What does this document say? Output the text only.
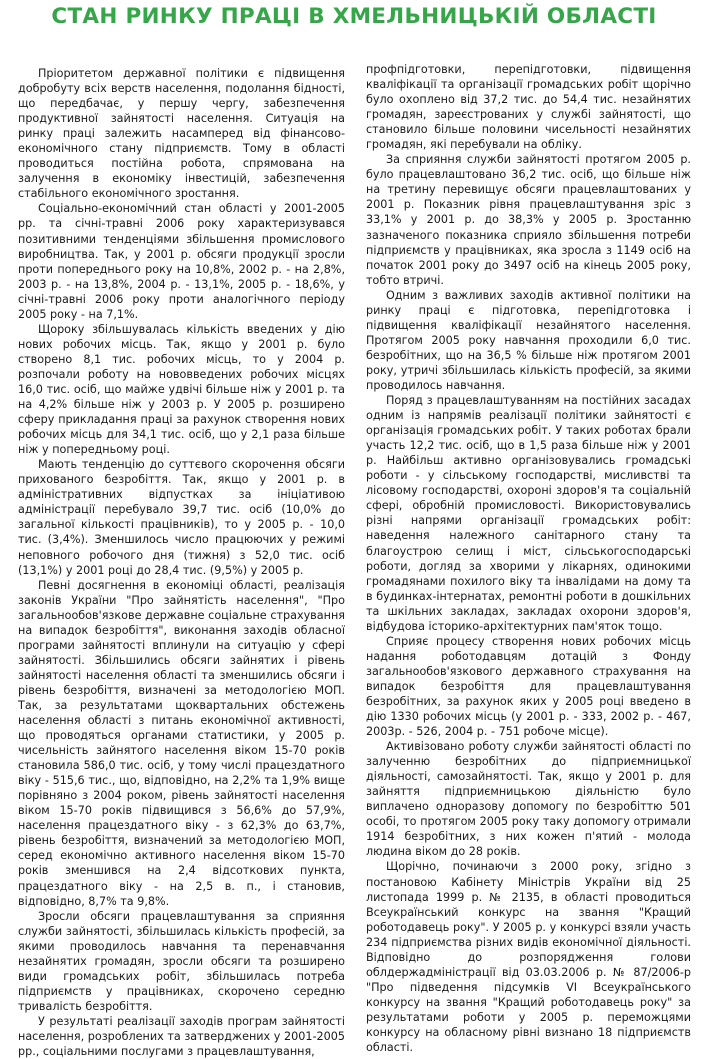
СТАН РИНКУ ПРАЦІ В ХМЕЛЬНИЦЬКІЙ ОБЛАСТІ

Пріоритетом державної політики є підвищення добробуту всіх верств населення, подолання бідності, що передбачає, у першу чергу, забезпечення продуктивної зайнятості населення. Ситуація на ринку праці залежить насамперед від фінансово-економічного стану підприємств. Тому в області проводиться постійна робота, спрямована на залучення в економіку інвестицій, забезпечення стабільного економічного зростання.

Соціально-економічний стан області у 2001-2005 рр. та січні-травні 2006 року характеризувався позитивними тенденціями збільшення промислового виробництва. Так, у 2001 р. обсяги продукції зросли проти попереднього року на 10,8%, 2002 р. - на 2,8%, 2003 р. - на 13,8%, 2004 р. - 13,1%, 2005 р. - 18,6%, у січні-травні 2006 року проти аналогічного періоду 2005 року - на 7,1%.

Щороку збільшувалась кількість введених у дію нових робочих місць. Так, якщо у 2001 р. було створено 8,1 тис. робочих місць, то у 2004 р. розпочали роботу на нововведених робочих місцях 16,0 тис. осіб, що майже удвічі більше ніж у 2001 р. та на 4,2% більше ніж у 2003 р. У 2005 р. розширено сферу прикладання праці за рахунок створення нових робочих місць для 34,1 тис. осіб, що у 2,1 раза більше ніж у попередньому році.

Мають тенденцію до суттєвого скорочення обсяги прихованого безробіття. Так, якщо у 2001 р. в адміністративних відпустках за ініціативою адміністрації перебувало 39,7 тис. осіб (10,0% до загальної кількості працівників), то у 2005 р. - 10,0 тис. (3,4%). Зменшилось число працюючих у режимі неповного робочого дня (тижня) з 52,0 тис. осіб (13,1%) у 2001 році до 28,4 тис. (9,5%) у 2005 р.

Певні досягнення в економіці області, реалізація законів України "Про зайнятість населення", "Про загальнообов'язкове державне соціальне страхування на випадок безробіття", виконання заходів обласної програми зайнятості вплинули на ситуацію у сфері зайнятості. Збільшились обсяги зайнятих і рівень зайнятості населення області та зменшились обсяги і рівень безробіття, визначені за методологією МОП. Так, за результатами щоквартальних обстежень населення області з питань економічної активності, що проводяться органами статистики, у 2005 р. чисельність зайнятого населення віком 15-70 років становила 586,0 тис. осіб, у тому числі працездатного віку - 515,6 тис., що, відповідно, на 2,2% та 1,9% вище порівняно з 2004 роком, рівень зайнятості населення віком 15-70 років підвищився з 56,6% до 57,9%, населення працездатного віку - з 62,3% до 63,7%, рівень безробіття, визначений за методологією МОП, серед економічно активного населення віком 15-70 років зменшився на 2,4 відсоткових пункта, працездатного віку - на 2,5 в. п., і становив, відповідно, 8,7% та 9,8%.

Зросли обсяги працевлаштування за сприяння служби зайнятості, збільшилась кількість професій, за якими проводилось навчання та перенавчання незайнятих громадян, зросли обсяги та розширено види громадських робіт, збільшилась потреба підприємств у працівниках, скорочено середню тривалість безробіття.

У результаті реалізації заходів програм зайнятості населення, розроблених та затверджених у 2001-2005 рр., соціальними послугами з працевлаштування,

профпідготовки, перепідготовки, підвищення кваліфікації та організації громадських робіт щорічно було охоплено від 37,2 тис. до 54,4 тис. незайнятих громадян, зареєстрованих у службі зайнятості, що становило більше половини чисельності незайнятих громадян, які перебували на обліку.

За сприяння служби зайнятості протягом 2005 р. було працевлаштовано 36,2 тис. осіб, що більше ніж на третину перевищує обсяги працевлаштованих у 2001 р. Показник рівня працевлаштування зріс з 33,1% у 2001 р. до 38,3% у 2005 р. Зростанню зазначеного показника сприяло збільшення потреби підприємств у працівниках, яка зросла з 1149 осіб на початок 2001 року до 3497 осіб на кінець 2005 року, тобто втричі.

Одним з важливих заходів активної політики на ринку праці є підготовка, перепідготовка і підвищення кваліфікації незайнятого населення. Протягом 2005 року навчання проходили 6,0 тис. безробітних, що на 36,5 % більше ніж протягом 2001 року, утричі збільшилась кількість професій, за якими проводилось навчання.

Поряд з працевлаштуванням на постійних засадах одним із напрямів реалізації політики зайнятості є організація громадських робіт. У таких роботах брали участь 12,2 тис. осіб, що в 1,5 раза більше ніж у 2001 р. Найбільш активно організовувались громадські роботи - у сільському господарстві, мисливстві та лісовому господарстві, охороні здоров'я та соціальній сфері, обробній промисловості. Використовувались різні напрями організації громадських робіт: наведення належного санітарного стану та благоустрою селищ і міст, сільськогосподарські роботи, догляд за хворими у лікарнях, одинокими громадянами похилого віку та інвалідами на дому та в будинках-інтернатах, ремонтні роботи в дошкільних та шкільних закладах, закладах охорони здоров'я, відбудова історико-архітектурних пам'яток тощо.

Сприяє процесу створення нових робочих місць надання роботодавцям дотацій з Фонду загальнообов'язкового державного страхування на випадок безробіття для працевлаштування безробітних, за рахунок яких у 2005 році введено в дію 1330 робочих місць (у 2001 р. - 333, 2002 р. - 467, 2003р. - 526, 2004 р. - 751 робоче місце).

Активізовано роботу служби зайнятості області по залученню безробітних до підприємницької діяльності, самозайнятості. Так, якщо у 2001 р. для зайняття підприємницькою діяльністю було виплачено одноразову допомогу по безробіттю 501 особі, то протягом 2005 року таку допомогу отримали 1914 безробітних, з них кожен п'ятий - молода людина віком до 28 років.

Щорічно, починаючи з 2000 року, згідно з постановою Кабінету Міністрів України від 25 листопада 1999 р. № 2135, в області проводиться Всеукраїнський конкурс на звання "Кращий роботодавець року". У 2005 р. у конкурсі взяли участь 234 підприємства різних видів економічної діяльності. Відповідно до розпорядження голови облдержадміністрації від 03.03.2006 р. № 87/2006-р "Про підведення підсумків VI Всеукраїнського конкурсу на звання "Кращий роботодавець року" за результатами роботи у 2005 р. переможцями конкурсу на обласному рівні визнано 18 підприємств області.
